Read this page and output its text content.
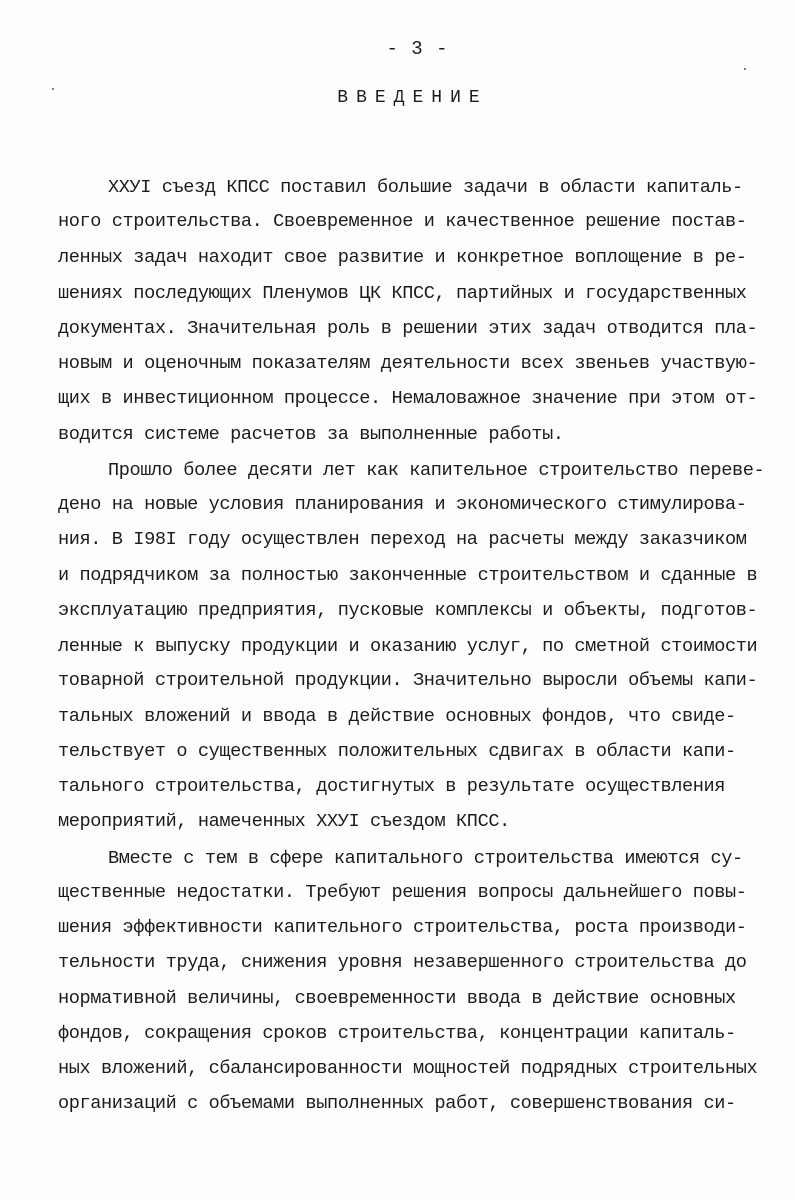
- 3 -
ВВЕДЕНИЕ
XXУI съезд КПСС поставил большие задачи в области капиталь-
ного строительства. Своевременное и качественное решение постав-
ленных задач находит свое развитие и конкретное воплощение в ре-
шениях последующих Пленумов ЦК КПСС, партийных и государственных
документах. Значительная роль в решении этих задач отводится пла-
новым и оценочным показателям деятельности всех звеньев участвую-
щих в инвестиционном процессе. Немаловажное значение при этом от-
водится системе расчетов за выполненные работы.
Прошло более десяти лет как капительное строительство переве-
дено на новые условия планирования и экономического стимулирова-
ния. В I98I году осуществлен переход на расчеты между заказчиком
и подрядчиком за полностью законченные строительством и сданные в
эксплуатацию предприятия, пусковые комплексы и объекты, подготов-
ленные к выпуску продукции и оказанию услуг, по сметной стоимости
товарной строительной продукции. Значительно выросли объемы капи-
тальных вложений и ввода в действие основных фондов, что свиде-
тельствует о существенных положительных сдвигах в области капи-
тального строительства, достигнутых в результате осуществления
мероприятий, намеченных XXУI съездом КПСС.
Вместе с тем в сфере капитального строительства имеются су-
щественные недостатки. Требуют решения вопросы дальнейшего повы-
шения эффективности капительного строительства, роста производи-
тельности труда, снижения уровня незавершенного строительства до
нормативной величины, своевременности ввода в действие основных
фондов, сокращения сроков строительства, концентрации капиталь-
ных вложений, сбалансированности мощностей подрядных строительных
организаций с объемами выполненных работ, совершенствования си-
